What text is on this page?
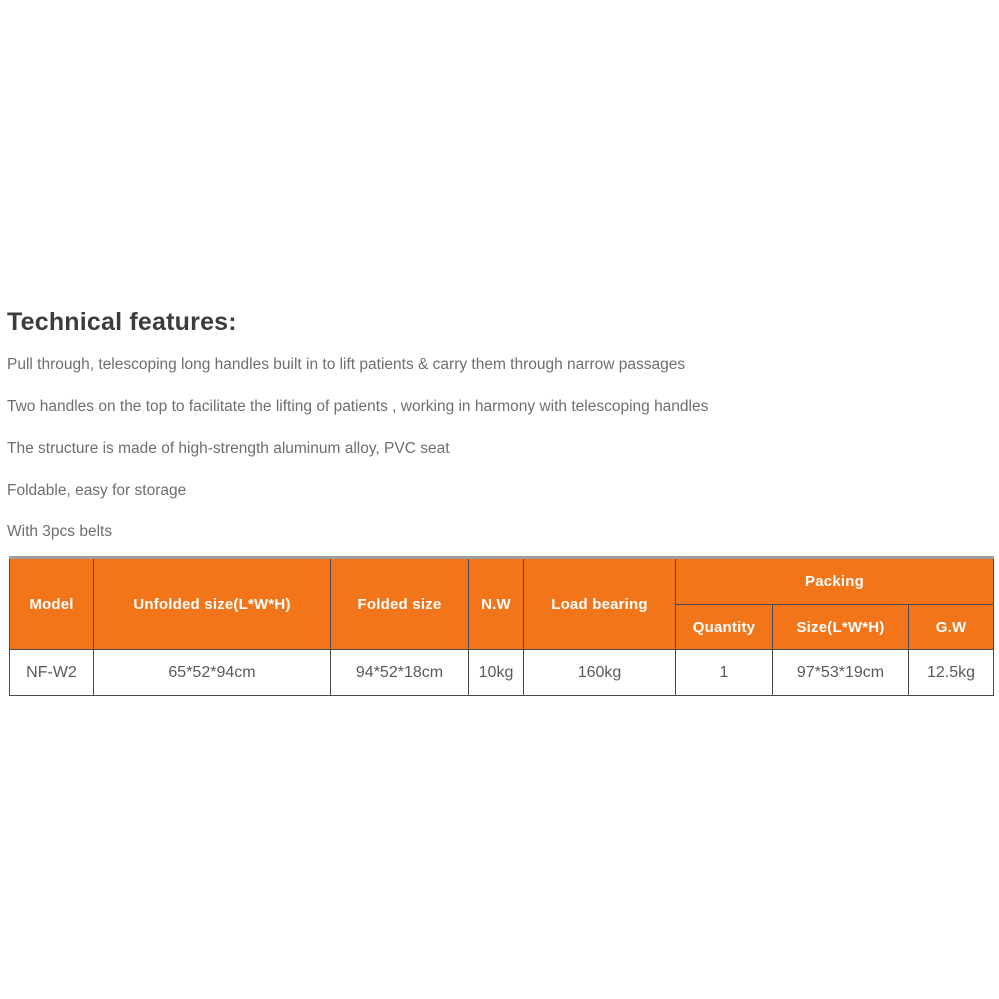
Technical features:

Pull through, telescoping long handles built in to lift patients & carry them through narrow passages

Two handles on the top to facilitate the lifting of patients , working in harmony with telescoping handles

The structure is made of high-strength aluminum alloy, PVC seat

Foldable, easy for storage

With 3pcs belts

Model	Unfolded size(L*W*H)	Folded size	N.W	Load bearing	Packing		
					Quantity	Size(L*W*H)	G.W
NF-W2	65*52*94cm	94*52*18cm	10kg	160kg	1	97*53*19cm	12.5kg
